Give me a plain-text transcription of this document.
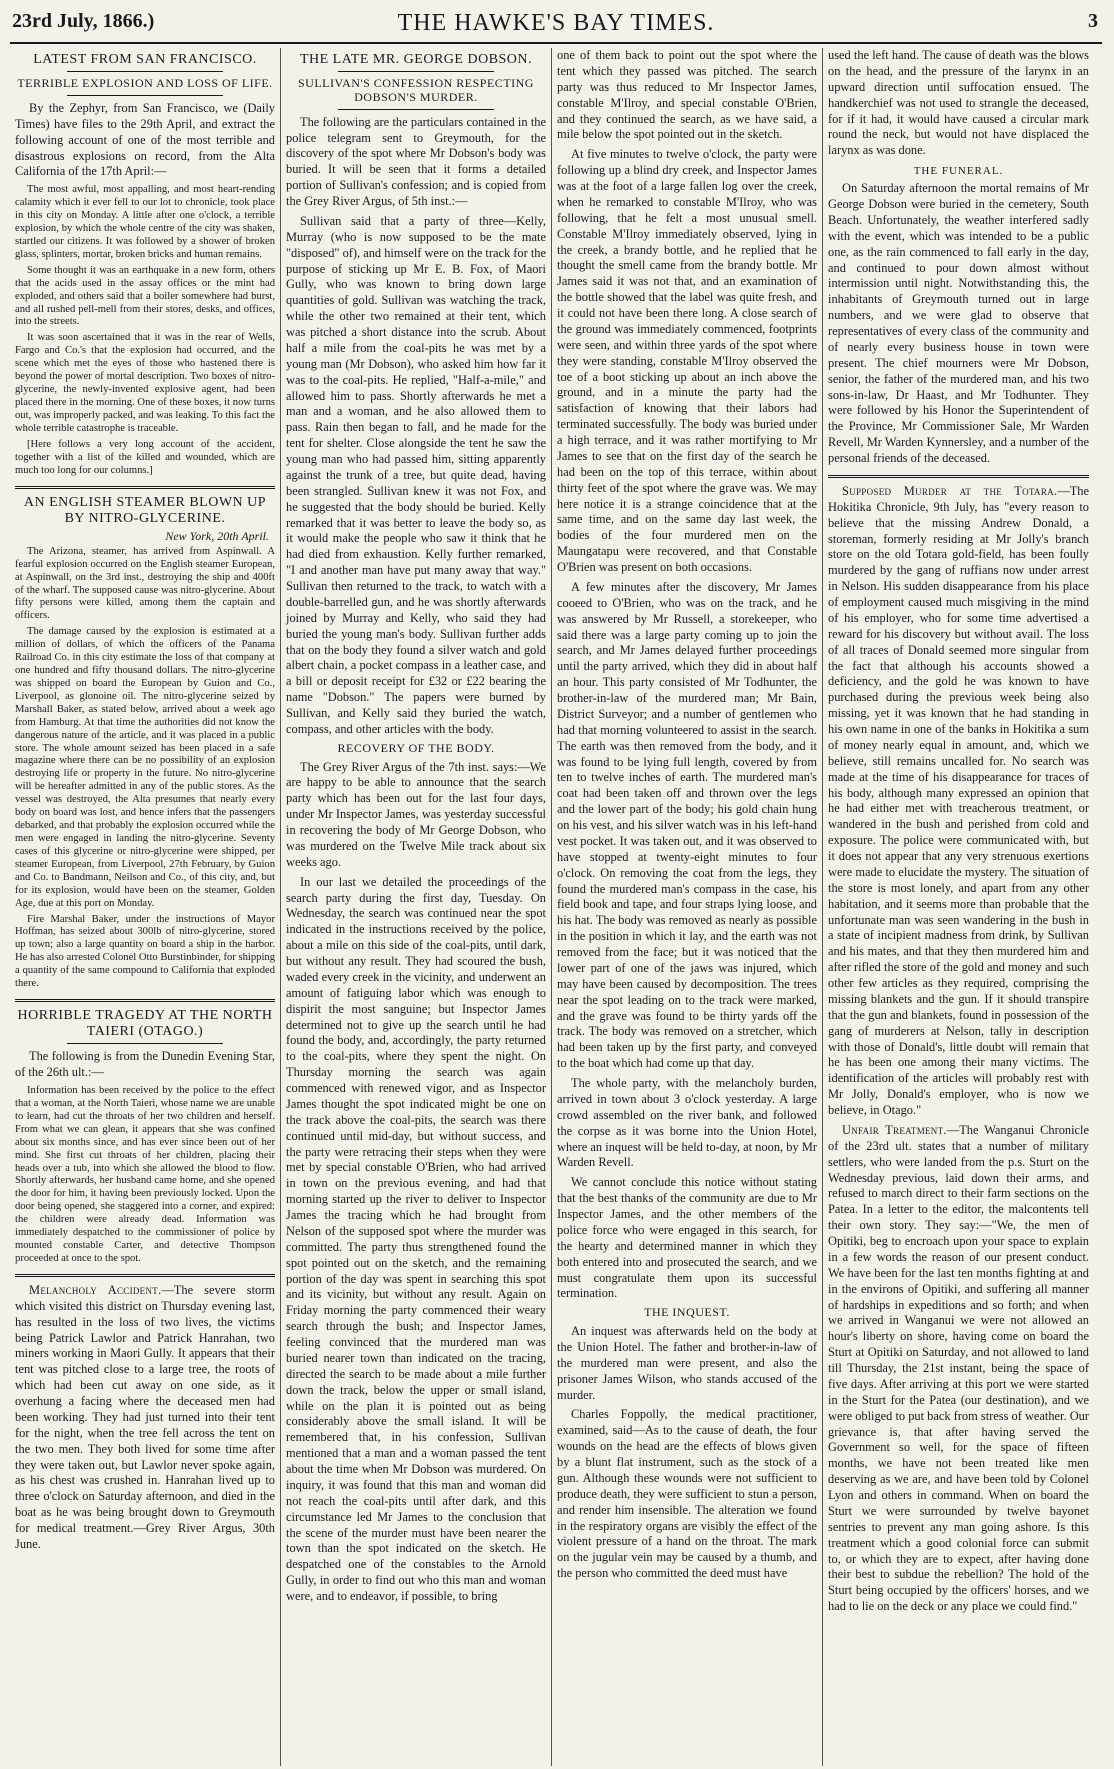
23rd July, 1866.)	THE HAWKE'S BAY TIMES.	3
LATEST FROM SAN FRANCISCO.
TERRIBLE EXPLOSION AND LOSS OF LIFE.

By the Zephyr, from San Francisco, we (Daily Times) have files to the 29th April, and extract the following account of one of the most terrible and disastrous explosions on record, from the Alta California of the 17th April:—

The most awful, most appalling, and most heart-rending calamity which it ever fell to our lot to chronicle, took place in this city on Monday. A little after one o'clock, a terrible explosion, by which the whole centre of the city was shaken, startled our citizens. It was followed by a shower of broken glass, splinters, mortar, broken bricks and human remains.

Some thought it was an earthquake in a new form, others that the acids used in the assay offices or the mint had exploded, and others said that a boiler somewhere had burst, and all rushed pell-mell from their stores, desks, and offices, into the streets.

It was soon ascertained that it was in the rear of Wells, Fargo and Co.'s that the explosion had occurred, and the scene which met the eyes of those who hastened there is beyond the power of mortal description. Two boxes of nitro-glycerine, the newly-invented explosive agent, had been placed there in the morning. One of these boxes, it now turns out, was improperly packed, and was leaking. To this fact the whole terrible catastrophe is traceable.

[Here follows a very long account of the accident, together with a list of the killed and wounded, which are much too long for our columns.]

AN ENGLISH STEAMER BLOWN UP BY NITRO-GLYCERINE.
New York, 20th April.

The Arizona, steamer, has arrived from Aspinwall. A fearful explosion occurred on the English steamer European, at Aspinwall, on the 3rd inst., destroying the ship and 400ft of the wharf. The supposed cause was nitro-glycerine. About fifty persons were killed, among them the captain and officers.

The damage caused by the explosion is estimated at a million of dollars, of which the officers of the Panama Railroad Co. in this city estimate the loss of that company at one hundred and fifty thousand dollars. The nitro-glycerine was shipped on board the European by Guion and Co., Liverpool, as glonoine oil. The nitro-glycerine seized by Marshall Baker, as stated below, arrived about a week ago from Hamburg. At that time the authorities did not know the dangerous nature of the article, and it was placed in a public store. The whole amount seized has been placed in a safe magazine where there can be no possibility of an explosion destroying life or property in the future. No nitro-glycerine will be hereafter admitted in any of the public stores. As the vessel was destroyed, the Alta presumes that nearly every body on board was lost, and hence infers that the passengers debarked, and that probably the explosion occurred while the men were engaged in landing the nitro-glycerine. Seventy cases of this glycerine or nitro-glycerine were shipped, per steamer European, from Liverpool, 27th February, by Guion and Co. to Bandmann, Neilson and Co., of this city, and, but for its explosion, would have been on the steamer, Golden Age, due at this port on Monday.

Fire Marshal Baker, under the instructions of Mayor Hoffman, has seized about 300lb of nitro-glycerine, stored up town; also a large quantity on board a ship in the harbor. He has also arrested Colonel Otto Burstinbinder, for shipping a quantity of the same compound to California that exploded there.

HORRIBLE TRAGEDY AT THE NORTH TAIERI (OTAGO.)

The following is from the Dunedin Evening Star, of the 26th ult.:—

Information has been received by the police to the effect that a woman, at the North Taieri, whose name we are unable to learn, had cut the throats of her two children and herself. From what we can glean, it appears that she was confined about six months since, and has ever since been out of her mind. She first cut throats of her children, placing their heads over a tub, into which she allowed the blood to flow. Shortly afterwards, her husband came home, and she opened the door for him, it having been previously locked. Upon the door being opened, she staggered into a corner, and expired: the children were already dead. Information was immediately despatched to the commissioner of police by mounted constable Carter, and detective Thompson proceeded at once to the spot.

Melancholy Accident.—The severe storm which visited this district on Thursday evening last, has resulted in the loss of two lives, the victims being Patrick Lawlor and Patrick Hanrahan, two miners working in Maori Gully. It appears that their tent was pitched close to a large tree, the roots of which had been cut away on one side, as it overhung a facing where the deceased men had been working. They had just turned into their tent for the night, when the tree fell across the tent on the two men. They both lived for some time after they were taken out, but Lawlor never spoke again, as his chest was crushed in. Hanrahan lived up to three o'clock on Saturday afternoon, and died in the boat as he was being brought down to Greymouth for medical treatment.—Grey River Argus, 30th June.

THE LATE MR. GEORGE DOBSON.
SULLIVAN'S CONFESSION RESPECTING DOBSON'S MURDER.

The following are the particulars contained in the police telegram sent to Greymouth, for the discovery of the spot where Mr Dobson's body was buried. It will be seen that it forms a detailed portion of Sullivan's confession; and is copied from the Grey River Argus, of 5th inst.:—

Sullivan said that a party of three—Kelly, Murray (who is now supposed to be the mate "disposed" of), and himself were on the track for the purpose of sticking up Mr E. B. Fox, of Maori Gully, who was known to bring down large quantities of gold. Sullivan was watching the track, while the other two remained at their tent, which was pitched a short distance into the scrub. About half a mile from the coal-pits he was met by a young man (Mr Dobson), who asked him how far it was to the coal-pits. He replied, "Half-a-mile," and allowed him to pass. Shortly afterwards he met a man and a woman, and he also allowed them to pass. Rain then began to fall, and he made for the tent for shelter. Close alongside the tent he saw the young man who had passed him, sitting apparently against the trunk of a tree, but quite dead, having been strangled. Sullivan knew it was not Fox, and he suggested that the body should be buried. Kelly remarked that it was better to leave the body so, as it would make the people who saw it think that he had died from exhaustion. Kelly further remarked, "I and another man have put many away that way." Sullivan then returned to the track, to watch with a double-barrelled gun, and he was shortly afterwards joined by Murray and Kelly, who said they had buried the young man's body. Sullivan further adds that on the body they found a silver watch and gold albert chain, a pocket compass in a leather case, and a bill or deposit receipt for £32 or £22 bearing the name "Dobson." The papers were burned by Sullivan, and Kelly said they buried the watch, compass, and other articles with the body.

RECOVERY OF THE BODY.

The Grey River Argus of the 7th inst. says:—We are happy to be able to announce that the search party which has been out for the last four days, under Mr Inspector James, was yesterday successful in recovering the body of Mr George Dobson, who was murdered on the Twelve Mile track about six weeks ago.

In our last we detailed the proceedings of the search party during the first day, Tuesday. On Wednesday, the search was continued near the spot indicated in the instructions received by the police, about a mile on this side of the coal-pits, until dark, but without any result. They had scoured the bush, waded every creek in the vicinity, and underwent an amount of fatiguing labor which was enough to dispirit the most sanguine; but Inspector James determined not to give up the search until he had found the body, and, accordingly, the party returned to the coal-pits, where they spent the night. On Thursday morning the search was again commenced with renewed vigor, and as Inspector James thought the spot indicated might be one on the track above the coal-pits, the search was there continued until mid-day, but without success, and the party were retracing their steps when they were met by special constable O'Brien, who had arrived in town on the previous evening, and had that morning started up the river to deliver to Inspector James the tracing which he had brought from Nelson of the supposed spot where the murder was committed. The party thus strengthened found the spot pointed out on the sketch, and the remaining portion of the day was spent in searching this spot and its vicinity, but without any result. Again on Friday morning the party commenced their weary search through the bush; and Inspector James, feeling convinced that the murdered man was buried nearer town than indicated on the tracing, directed the search to be made about a mile further down the track, below the upper or small island, while on the plan it is pointed out as being considerably above the small island. It will be remembered that, in his confession, Sullivan mentioned that a man and a woman passed the tent about the time when Mr Dobson was murdered. On inquiry, it was found that this man and woman did not reach the coal-pits until after dark, and this circumstance led Mr James to the conclusion that the scene of the murder must have been nearer the town than the spot indicated on the sketch. He despatched one of the constables to the Arnold Gully, in order to find out who this man and woman were, and to endeavor, if possible, to bring

one of them back to point out the spot where the tent which they passed was pitched. The search party was thus reduced to Mr Inspector James, constable M'Ilroy, and special constable O'Brien, and they continued the search, as we have said, a mile below the spot pointed out in the sketch.

At five minutes to twelve o'clock, the party were following up a blind dry creek, and Inspector James was at the foot of a large fallen log over the creek, when he remarked to constable M'Ilroy, who was following, that he felt a most unusual smell. Constable M'Ilroy immediately observed, lying in the creek, a brandy bottle, and he replied that he thought the smell came from the brandy bottle. Mr James said it was not that, and an examination of the bottle showed that the label was quite fresh, and it could not have been there long. A close search of the ground was immediately commenced, footprints were seen, and within three yards of the spot where they were standing, constable M'Ilroy observed the toe of a boot sticking up about an inch above the ground, and in a minute the party had the satisfaction of knowing that their labors had terminated successfully. The body was buried under a high terrace, and it was rather mortifying to Mr James to see that on the first day of the search he had been on the top of this terrace, within about thirty feet of the spot where the grave was. We may here notice it is a strange coincidence that at the same time, and on the same day last week, the bodies of the four murdered men on the Maungatapu were recovered, and that Constable O'Brien was present on both occasions.

A few minutes after the discovery, Mr James cooeed to O'Brien, who was on the track, and he was answered by Mr Russell, a storekeeper, who said there was a large party coming up to join the search, and Mr James delayed further proceedings until the party arrived, which they did in about half an hour. This party consisted of Mr Todhunter, the brother-in-law of the murdered man; Mr Bain, District Surveyor; and a number of gentlemen who had that morning volunteered to assist in the search. The earth was then removed from the body, and it was found to be lying full length, covered by from ten to twelve inches of earth. The murdered man's coat had been taken off and thrown over the legs and the lower part of the body; his gold chain hung on his vest, and his silver watch was in his left-hand vest pocket. It was taken out, and it was observed to have stopped at twenty-eight minutes to four o'clock. On removing the coat from the legs, they found the murdered man's compass in the case, his field book and tape, and four straps lying loose, and his hat. The body was removed as nearly as possible in the position in which it lay, and the earth was not removed from the face; but it was noticed that the lower part of one of the jaws was injured, which may have been caused by decomposition. The trees near the spot leading on to the track were marked, and the grave was found to be thirty yards off the track. The body was removed on a stretcher, which had been taken up by the first party, and conveyed to the boat which had come up that day.

The whole party, with the melancholy burden, arrived in town about 3 o'clock yesterday. A large crowd assembled on the river bank, and followed the corpse as it was borne into the Union Hotel, where an inquest will be held to-day, at noon, by Mr Warden Revell.

We cannot conclude this notice without stating that the best thanks of the community are due to Mr Inspector James, and the other members of the police force who were engaged in this search, for the hearty and determined manner in which they both entered into and prosecuted the search, and we must congratulate them upon its successful termination.

THE INQUEST.

An inquest was afterwards held on the body at the Union Hotel. The father and brother-in-law of the murdered man were present, and also the prisoner James Wilson, who stands accused of the murder.

Charles Foppolly, the medical practitioner, examined, said—As to the cause of death, the four wounds on the head are the effects of blows given by a blunt flat instrument, such as the stock of a gun. Although these wounds were not sufficient to produce death, they were sufficient to stun a person, and render him insensible. The alteration we found in the respiratory organs are visibly the effect of the violent pressure of a hand on the throat. The mark on the jugular vein may be caused by a thumb, and the person who committed the deed must have

used the left hand. The cause of death was the blows on the head, and the pressure of the larynx in an upward direction until suffocation ensued. The handkerchief was not used to strangle the deceased, for if it had, it would have caused a circular mark round the neck, but would not have displaced the larynx as was done.

THE FUNERAL.

On Saturday afternoon the mortal remains of Mr George Dobson were buried in the cemetery, South Beach. Unfortunately, the weather interfered sadly with the event, which was intended to be a public one, as the rain commenced to fall early in the day, and continued to pour down almost without intermission until night. Notwithstanding this, the inhabitants of Greymouth turned out in large numbers, and we were glad to observe that representatives of every class of the community and of nearly every business house in town were present. The chief mourners were Mr Dobson, senior, the father of the murdered man, and his two sons-in-law, Dr Haast, and Mr Todhunter. They were followed by his Honor the Superintendent of the Province, Mr Commissioner Sale, Mr Warden Revell, Mr Warden Kynnersley, and a number of the personal friends of the deceased.

Supposed Murder at the Totara.—The Hokitika Chronicle, 9th July, has "every reason to believe that the missing Andrew Donald, a storeman, formerly residing at Mr Jolly's branch store on the old Totara gold-field, has been foully murdered by the gang of ruffians now under arrest in Nelson. His sudden disappearance from his place of employment caused much misgiving in the mind of his employer, who for some time advertised a reward for his discovery but without avail. The loss of all traces of Donald seemed more singular from the fact that although his accounts showed a deficiency, and the gold he was known to have purchased during the previous week being also missing, yet it was known that he had standing in his own name in one of the banks in Hokitika a sum of money nearly equal in amount, and, which we believe, still remains uncalled for. No search was made at the time of his disappearance for traces of his body, although many expressed an opinion that he had either met with treacherous treatment, or wandered in the bush and perished from cold and exposure. The police were communicated with, but it does not appear that any very strenuous exertions were made to elucidate the mystery. The situation of the store is most lonely, and apart from any other habitation, and it seems more than probable that the unfortunate man was seen wandering in the bush in a state of incipient madness from drink, by Sullivan and his mates, and that they then murdered him and after rifled the store of the gold and money and such other few articles as they required, comprising the missing blankets and the gun. If it should transpire that the gun and blankets, found in possession of the gang of murderers at Nelson, tally in description with those of Donald's, little doubt will remain that he has been one among their many victims. The identification of the articles will probably rest with Mr Jolly, Donald's employer, who is now we believe, in Otago."

Unfair Treatment.—The Wanganui Chronicle of the 23rd ult. states that a number of military settlers, who were landed from the p.s. Sturt on the Wednesday previous, laid down their arms, and refused to march direct to their farm sections on the Patea. In a letter to the editor, the malcontents tell their own story. They say:—"We, the men of Opitiki, beg to encroach upon your space to explain in a few words the reason of our present conduct. We have been for the last ten months fighting at and in the environs of Opitiki, and suffering all manner of hardships in expeditions and so forth; and when we arrived in Wanganui we were not allowed an hour's liberty on shore, having come on board the Sturt at Opitiki on Saturday, and not allowed to land till Thursday, the 21st instant, being the space of five days. After arriving at this port we were started in the Sturt for the Patea (our destination), and we were obliged to put back from stress of weather. Our grievance is, that after having served the Government so well, for the space of fifteen months, we have not been treated like men deserving as we are, and have been told by Colonel Lyon and others in command. When on board the Sturt we were surrounded by twelve bayonet sentries to prevent any man going ashore. Is this treatment which a good colonial force can submit to, or which they are to expect, after having done their best to subdue the rebellion? The hold of the Sturt being occupied by the officers' horses, and we had to lie on the deck or any place we could find."
